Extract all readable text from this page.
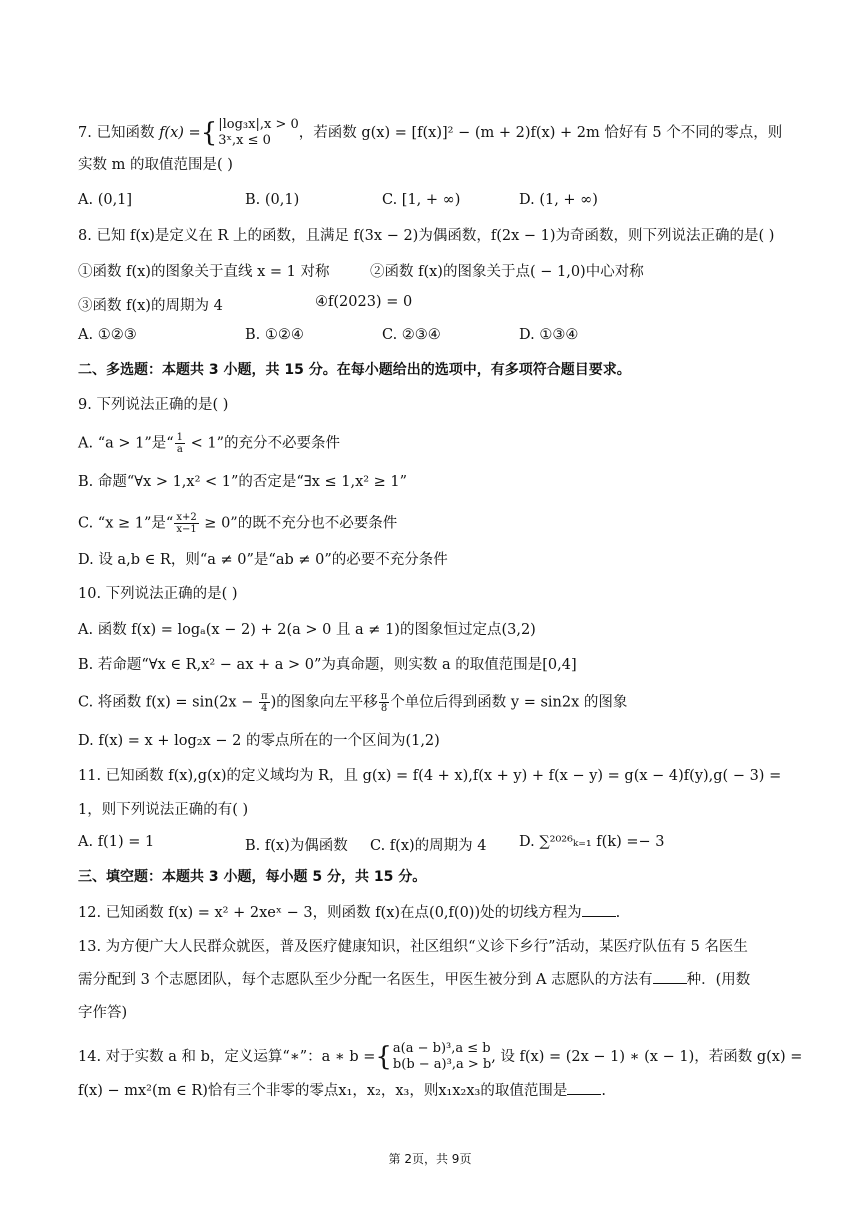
7. 已知函数 f(x) ={ |log₃x|,x > 0
3ˣ,x ≤ 0	，若函数 g(x) = [f(x)]² − (m + 2)f(x) + 2m 恰好有 5 个不同的零点，则
实数 m 的取值范围是( )
A. (0,1]	B. (0,1)	C. [1, + ∞)	D. (1, + ∞)
8. 已知 f(x)是定义在 R 上的函数，且满足 f(3x − 2)为偶函数，f(2x − 1)为奇函数，则下列说法正确的是( )
①函数 f(x)的图象关于直线 x = 1 对称	②函数 f(x)的图象关于点( − 1,0)中心对称
③函数 f(x)的周期为 4	④f(2023) = 0
A. ①②③	B. ①②④	C. ②③④	D. ①③④
二、多选题：本题共 3 小题，共 15 分。在每小题给出的选项中，有多项符合题目要求。
9. 下列说法正确的是( )
A. “a > 1”是“ $\frac{1}{a} < 1$”的充分不必要条件
B. 命题“∀x > 1,x² < 1”的否定是“∃x ≤ 1,x² ≥ 1”
C. “x ≥ 1”是“ $\frac{x+2}{x-1} \ge 0$”的既不充分也不必要条件
D. 设 a,b ∈ R，则“a ≠ 0”是“ab ≠ 0”的必要不充分条件
10. 下列说法正确的是( )
A. 函数 f(x) = logₐ(x − 2) + 2(a > 0 且 a ≠ 1)的图象恒过定点(3,2)
B. 若命题“∀x ∈ R,x² − ax + a > 0”为真命题，则实数 a 的取值范围是[0,4]
C. 将函数 $f(x) = \sin(2x - \frac{\pi}{4}$ )的图象向左平移 $\frac{\pi}{8}$ 个单位后得到函数 y = sin2x 的图象
D. f(x) = x + log₂x − 2 的零点所在的一个区间为(1,2)
11. 已知函数 f(x),g(x)的定义域均为 R，且 g(x) = f(4 + x),f(x + y) + f(x − y) = g(x − 4)f(y),g( − 3) =
1，则下列说法正确的有( )
A. f(1) = 1	B. f(x)为偶函数 C. f(x)的周期为 4 D. ∑²⁰²⁶ₖ₌₁ f(k) =− 3
三、填空题：本题共 3 小题，每小题 5 分，共 15 分。
12. 已知函数 f(x) = x² + 2xeˣ − 3，则函数 f(x)在点(0,f(0))处的切线方程为 .
13. 为方便广大人民群众就医，普及医疗健康知识，社区组织“义诊下乡行”活动，某医疗队伍有 5 名医生
需分配到 3 个志愿团队，每个志愿队至少分配一名医生，甲医生被分到 A 志愿队的方法有 种．(用数
字作答)
14. 对于实数 a 和 b，定义运算“∗”：a ∗ b ={ a(a − b)³,a ≤ b
b(b − a)³,a > b , 设 f(x) = (2x − 1) ∗ (x − 1)，若函数 g(x) =
f(x) − mx²(m ∈ R)恰有三个非零的零点x₁，x₂，x₃，则x₁x₂x₃的取值范围是 .
第 2页，共 9页
